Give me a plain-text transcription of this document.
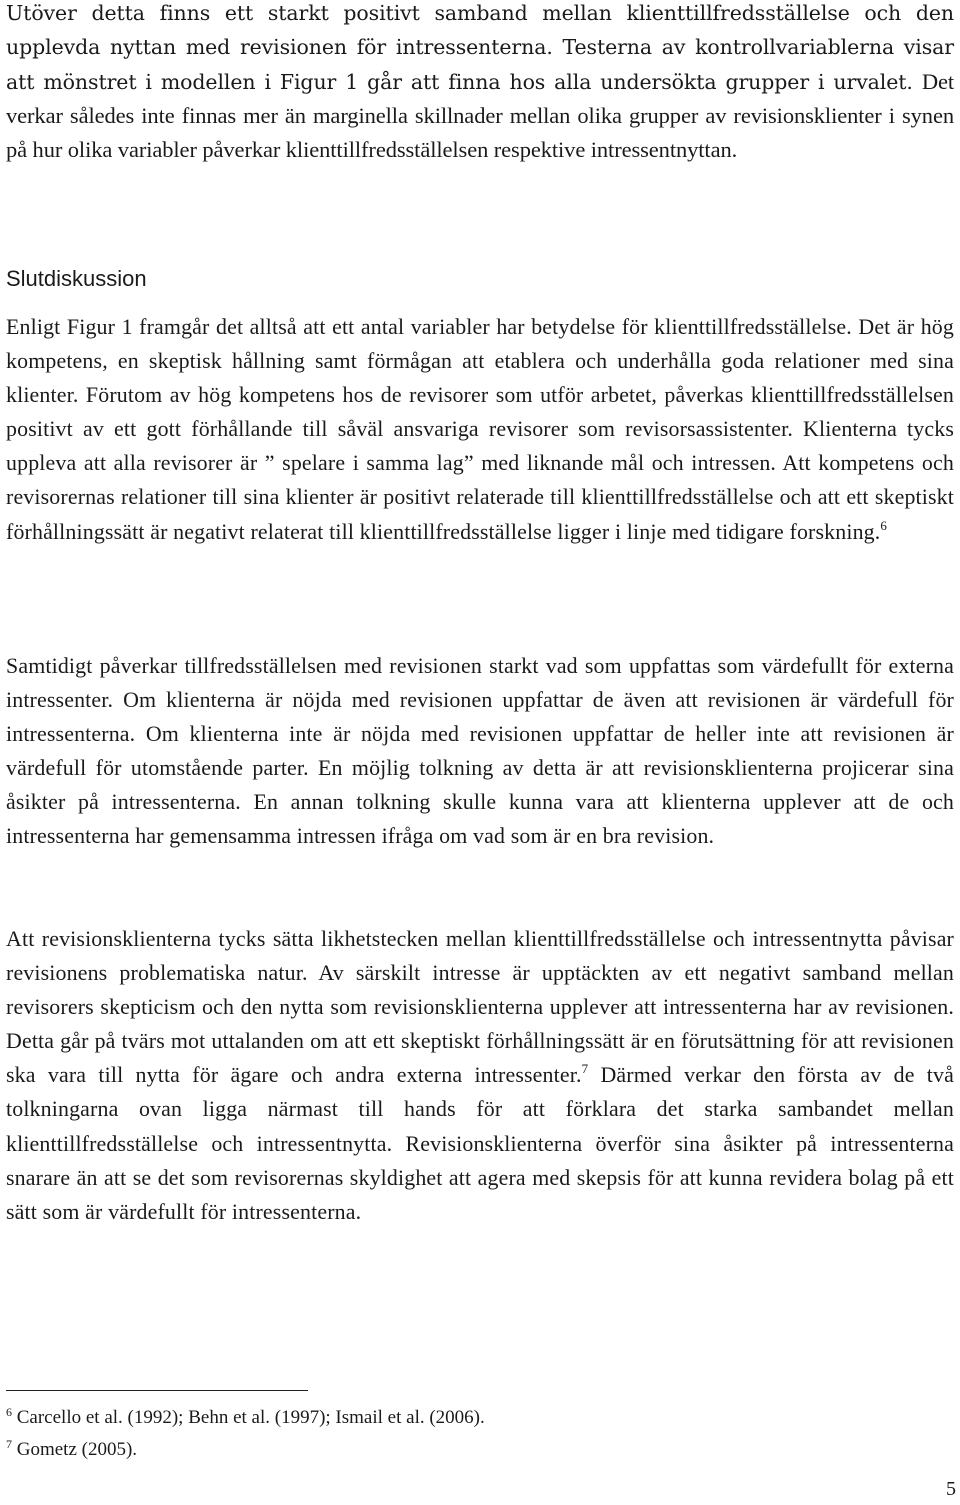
Utöver detta finns ett starkt positivt samband mellan klienttillfredsställelse och den upplevda nyttan med revisionen för intressenterna. Testerna av kontrollvariablerna visar att mönstret i modellen i Figur 1 går att finna hos alla undersökta grupper i urvalet. Det verkar således inte finnas mer än marginella skillnader mellan olika grupper av revisionsklienter i synen på hur olika variabler påverkar klienttillfredsställelsen respektive intressentnyttan.

Slutdiskussion

Enligt Figur 1 framgår det alltså att ett antal variabler har betydelse för klienttillfredsställelse. Det är hög kompetens, en skeptisk hållning samt förmågan att etablera och underhålla goda relationer med sina klienter. Förutom av hög kompetens hos de revisorer som utför arbetet, påverkas klienttillfredsställelsen positivt av ett gott förhållande till såväl ansvariga revisorer som revisorsassistenter. Klienterna tycks uppleva att alla revisorer är ” spelare i samma lag” med liknande mål och intressen. Att kompetens och revisorernas relationer till sina klienter är positivt relaterade till klienttillfredsställelse och att ett skeptiskt förhållningssätt är negativt relaterat till klienttillfredsställelse ligger i linje med tidigare forskning.$^6$

Samtidigt påverkar tillfredsställelsen med revisionen starkt vad som uppfattas som värdefullt för externa intressenter. Om klienterna är nöjda med revisionen uppfattar de även att revisionen är värdefull för intressenterna. Om klienterna inte är nöjda med revisionen uppfattar de heller inte att revisionen är värdefull för utomstående parter. En möjlig tolkning av detta är att revisionsklienterna projicerar sina åsikter på intressenterna. En annan tolkning skulle kunna vara att klienterna upplever att de och intressenterna har gemensamma intressen ifråga om vad som är en bra revision.

Att revisionsklienterna tycks sätta likhetstecken mellan klienttillfredsställelse och intressentnytta påvisar revisionens problematiska natur. Av särskilt intresse är upptäckten av ett negativt samband mellan revisorers skepticism och den nytta som revisionsklienterna upplever att intressenterna har av revisionen. Detta går på tvärs mot uttalanden om att ett skeptiskt förhållningssätt är en förutsättning för att revisionen ska vara till nytta för ägare och andra externa intressenter.$^7$ Därmed verkar den första av de två tolkningarna ovan ligga närmast till hands för att förklara det starka sambandet mellan klienttillfredsställelse och intressentnytta. Revisionsklienterna överför sina åsikter på intressenterna snarare än att se det som revisorernas skyldighet att agera med skepsis för att kunna revidera bolag på ett sätt som är värdefullt för intressenterna.

$^6$ Carcello et al. (1992); Behn et al. (1997); Ismail et al. (2006).

$^7$ Gometz (2005).

5
